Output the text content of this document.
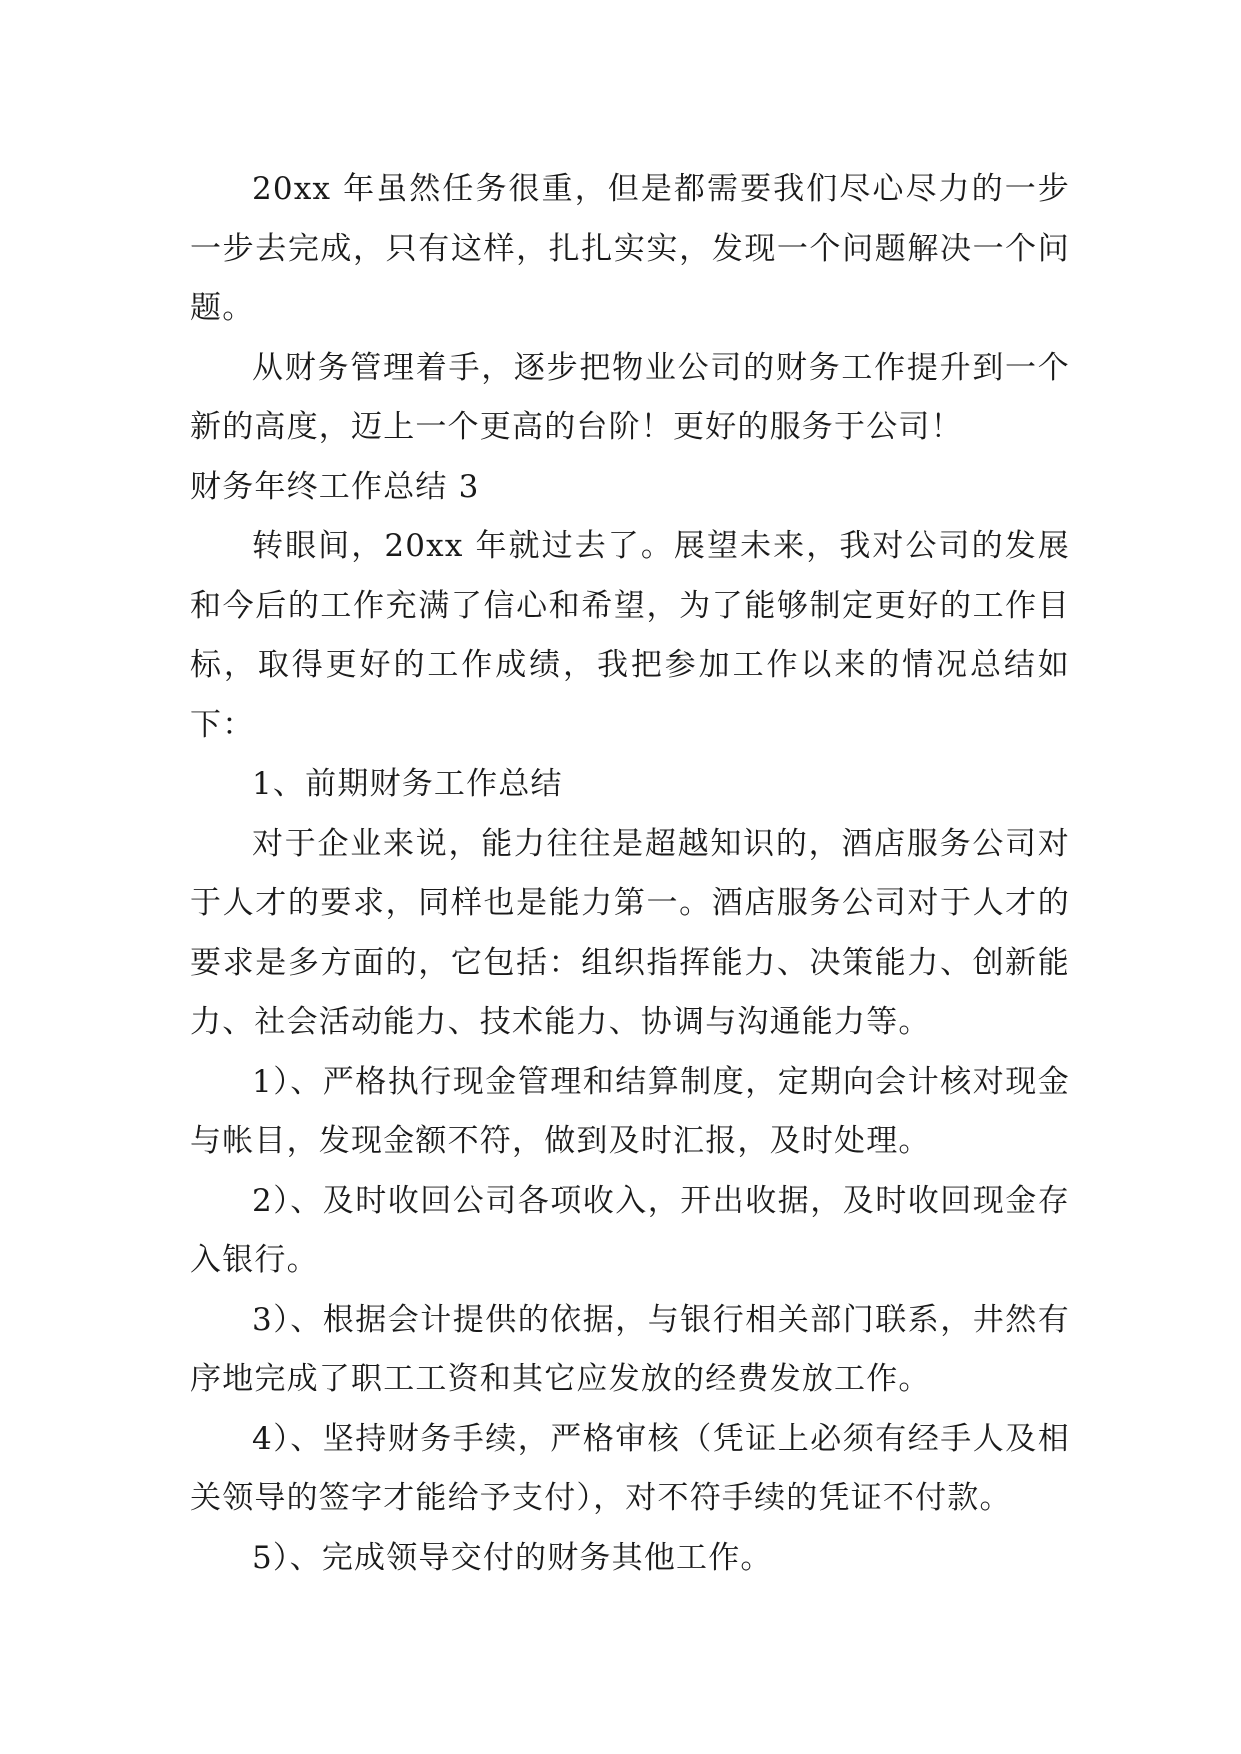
20xx 年虽然任务很重，但是都需要我们尽心尽力的一步一步去完成，只有这样，扎扎实实，发现一个问题解决一个问题。

从财务管理着手，逐步把物业公司的财务工作提升到一个新的高度，迈上一个更高的台阶！更好的服务于公司！

财务年终工作总结 3

转眼间，20xx 年就过去了。展望未来，我对公司的发展和今后的工作充满了信心和希望，为了能够制定更好的工作目标，取得更好的工作成绩，我把参加工作以来的情况总结如下：

1、前期财务工作总结

对于企业来说，能力往往是超越知识的，酒店服务公司对于人才的要求，同样也是能力第一。酒店服务公司对于人才的要求是多方面的，它包括：组织指挥能力、决策能力、创新能力、社会活动能力、技术能力、协调与沟通能力等。

1）、严格执行现金管理和结算制度，定期向会计核对现金与帐目，发现金额不符，做到及时汇报，及时处理。

2）、及时收回公司各项收入，开出收据，及时收回现金存入银行。

3）、根据会计提供的依据，与银行相关部门联系，井然有序地完成了职工工资和其它应发放的经费发放工作。

4）、坚持财务手续，严格审核（凭证上必须有经手人及相关领导的签字才能给予支付），对不符手续的凭证不付款。

5）、完成领导交付的财务其他工作。
